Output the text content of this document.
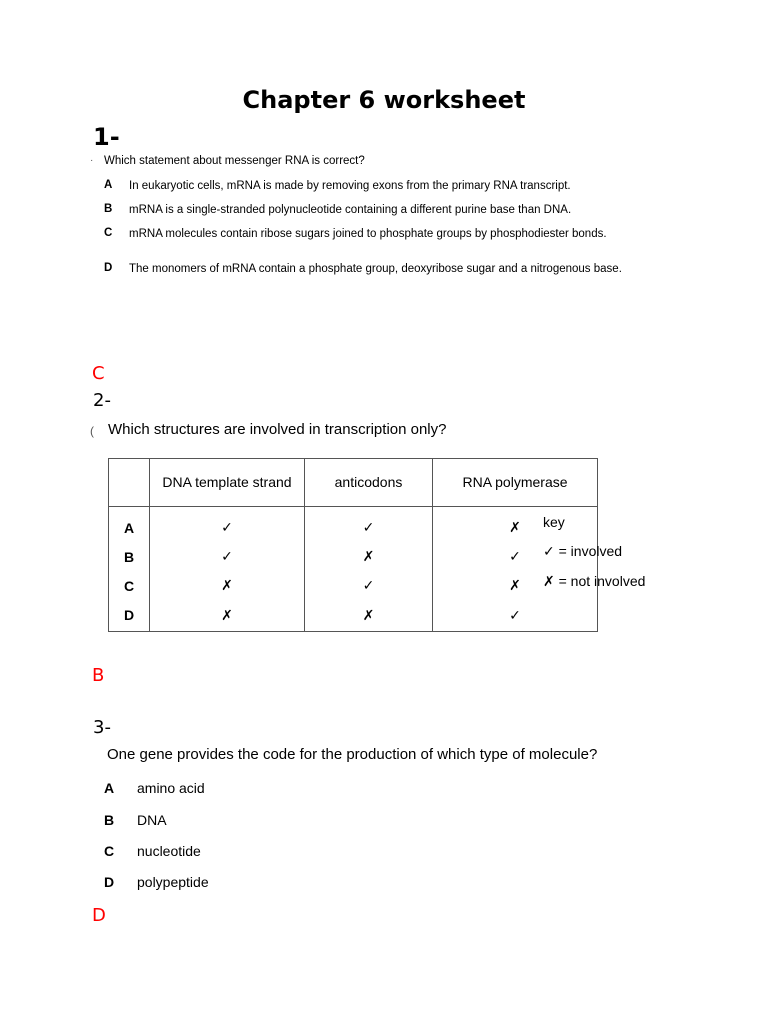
Chapter 6 worksheet
1-
· Which statement about messenger RNA is correct?
A	In eukaryotic cells, mRNA is made by removing exons from the primary RNA transcript.
B	mRNA is a single-stranded polynucleotide containing a different purine base than DNA.
C	mRNA molecules contain ribose sugars joined to phosphate groups by phosphodiester bonds.
D	The monomers of mRNA contain a phosphate group, deoxyribose sugar and a nitrogenous base.
C
2-
( Which structures are involved in transcription only?
	DNA template strand	anticodons	RNA polymerase
A	✓	✓	✗
B	✓	✗	✓
C	✗	✓	✗
D	✗	✗	✓
key
✓ = involved
✗ = not involved
B
3-
One gene provides the code for the production of which type of molecule?
A	amino acid
B	DNA
C	nucleotide
D	polypeptide
D
